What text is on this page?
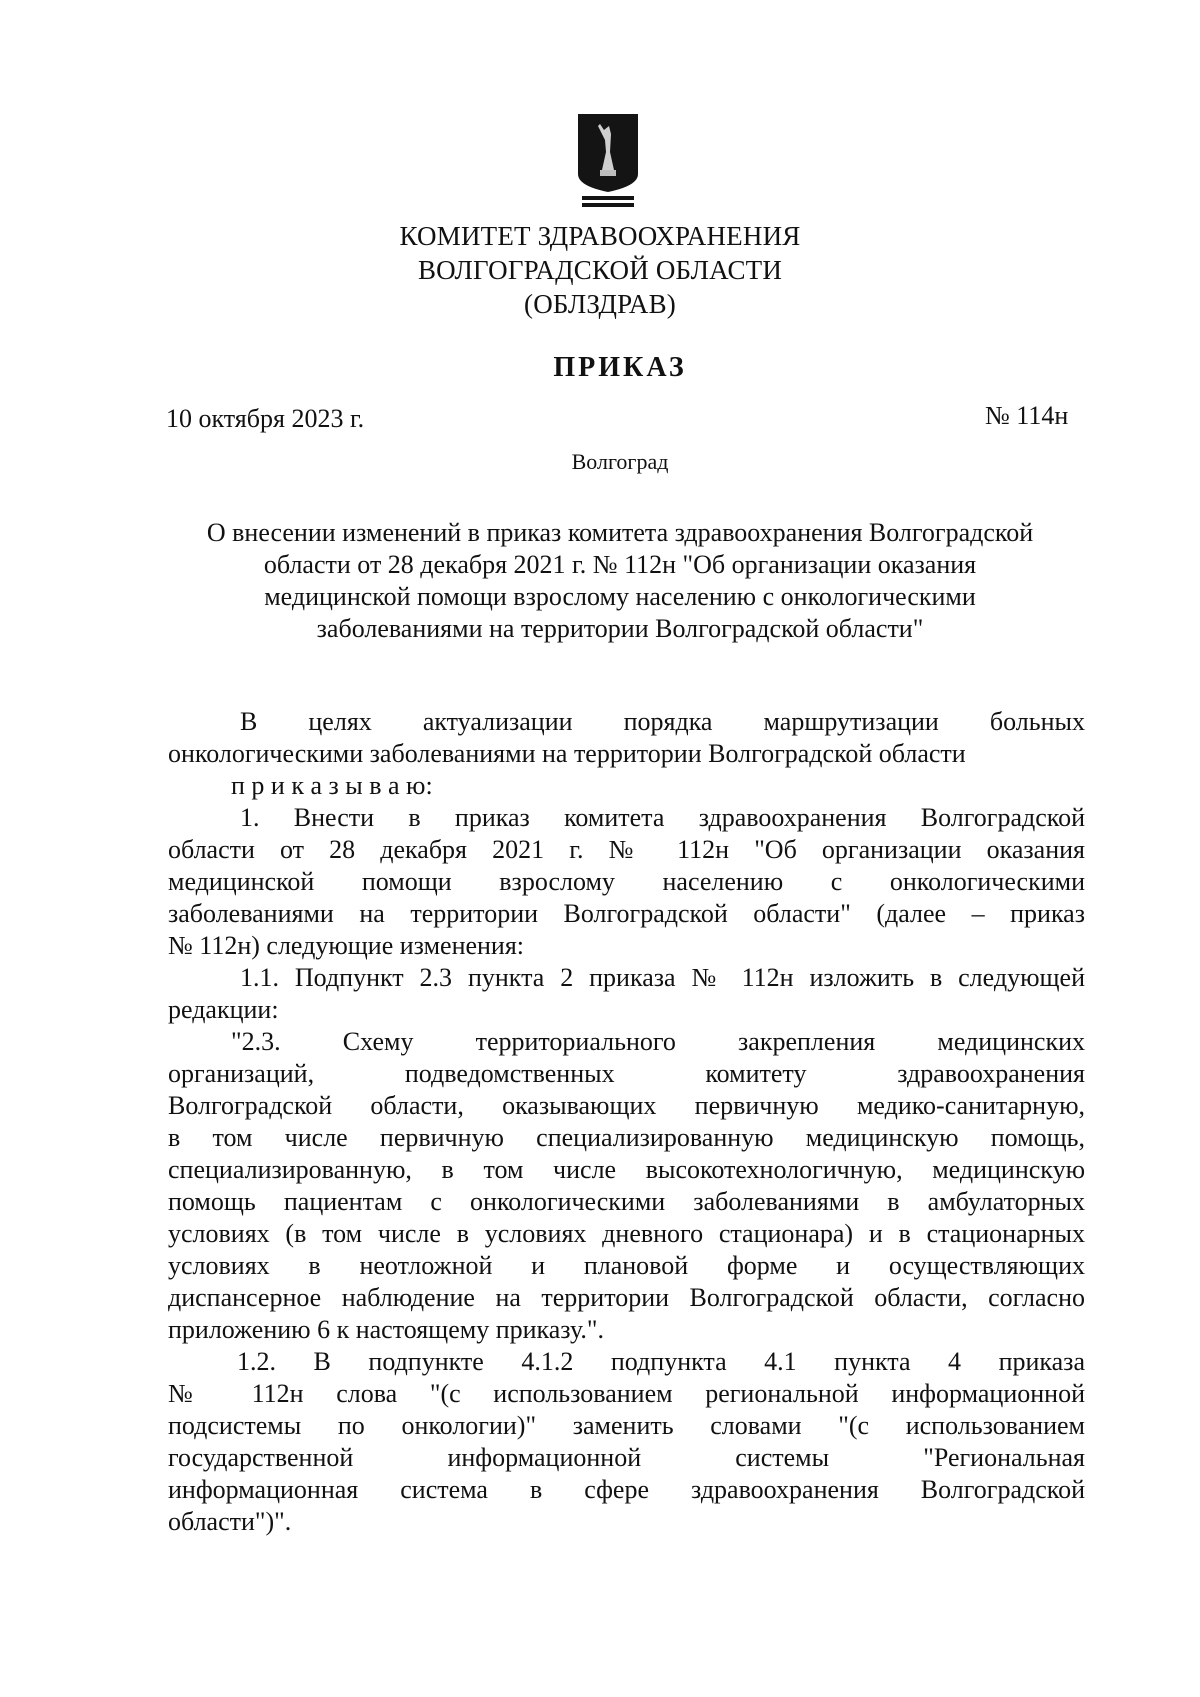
КОМИТЕТ ЗДРАВООХРАНЕНИЯ
ВОЛГОГРАДСКОЙ ОБЛАСТИ
(ОБЛЗДРАВ)
ПРИКАЗ
10 октября 2023 г.	№ 114н
Волгоград
О внесении изменений в приказ комитета здравоохранения Волгоградской
области от 28 декабря 2021 г. № 112н "Об организации оказания
медицинской помощи взрослому населению с онкологическими
заболеваниями на территории Волгоградской области"
В целях актуализации порядка маршрутизации больных
онкологическими заболеваниями на территории Волгоградской области
п р и к а з ы в а ю:
1. Внести в приказ комитета здравоохранения Волгоградской
области от 28 декабря 2021 г. № 112н "Об организации оказания
медицинской помощи взрослому населению с онкологическими
заболеваниями на территории Волгоградской области" (далее – приказ
№ 112н) следующие изменения:
1.1. Подпункт 2.3 пункта 2 приказа № 112н изложить в следующей
редакции:
"2.3. Схему территориального закрепления медицинских
организаций, подведомственных комитету здравоохранения
Волгоградской области, оказывающих первичную медико-санитарную,
в том числе первичную специализированную медицинскую помощь,
специализированную, в том числе высокотехнологичную, медицинскую
помощь пациентам с онкологическими заболеваниями в амбулаторных
условиях (в том числе в условиях дневного стационара) и в стационарных
условиях в неотложной и плановой форме и осуществляющих
диспансерное наблюдение на территории Волгоградской области, согласно
приложению 6 к настоящему приказу.".
1.2. В подпункте 4.1.2 подпункта 4.1 пункта 4 приказа
№ 112н слова "(с использованием региональной информационной
подсистемы по онкологии)" заменить словами "(с использованием
государственной информационной системы "Региональная
информационная система в сфере здравоохранения Волгоградской
области")".
